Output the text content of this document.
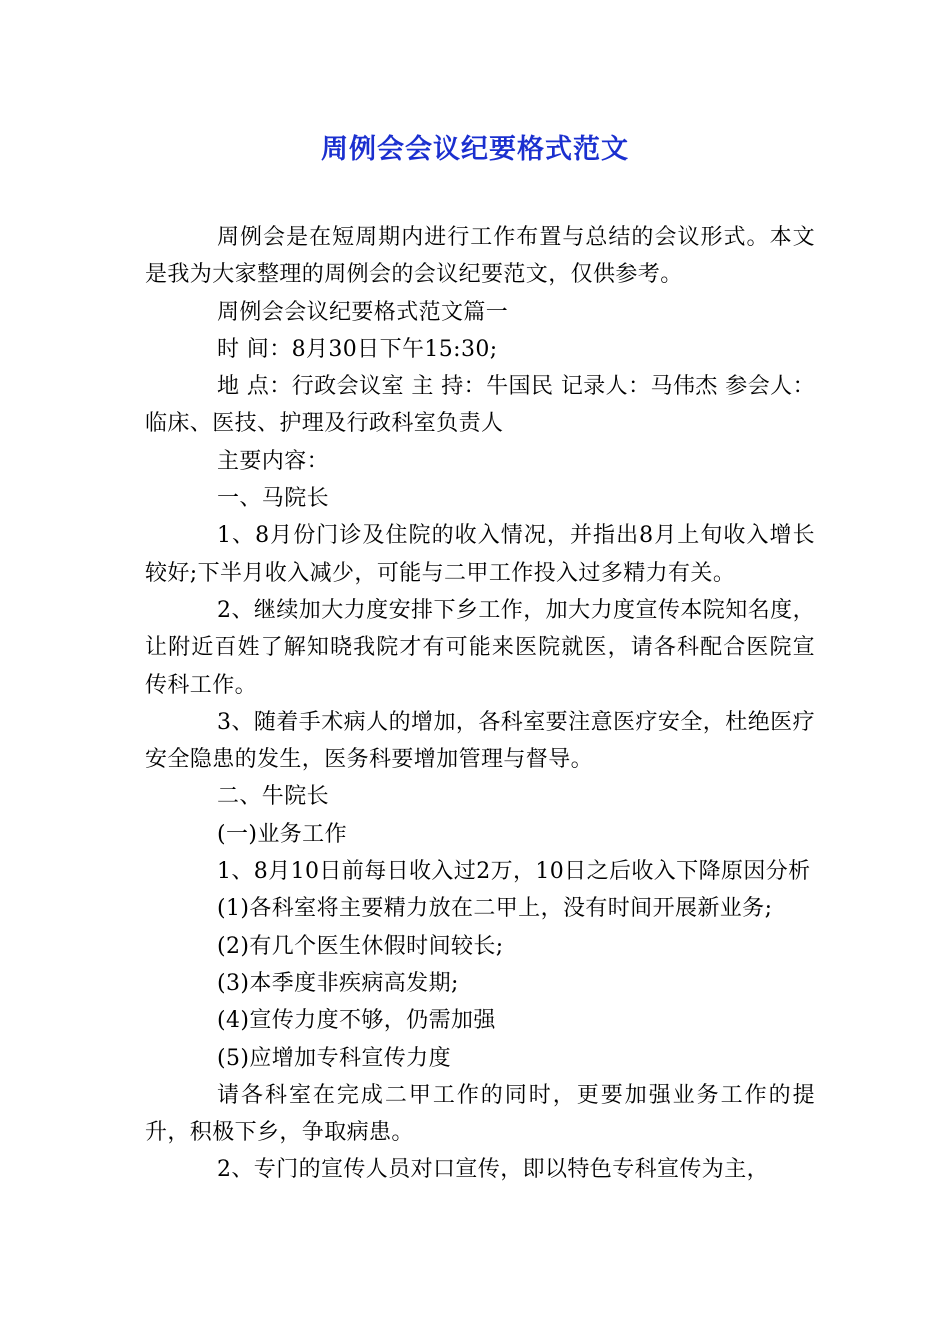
周例会会议纪要格式范文

周例会是在短周期内进行工作布置与总结的会议形式。本文是我为大家整理的周例会的会议纪要范文，仅供参考。

周例会会议纪要格式范文篇一

时 间：8月30日下午15:30;

地 点：行政会议室 主 持：牛国民 记录人：马伟杰 参会人：临床、医技、护理及行政科室负责人

主要内容：

一、马院长

1、8月份门诊及住院的收入情况，并指出8月上旬收入增长较好;下半月收入减少，可能与二甲工作投入过多精力有关。

2、继续加大力度安排下乡工作，加大力度宣传本院知名度，让附近百姓了解知晓我院才有可能来医院就医，请各科配合医院宣传科工作。

3、随着手术病人的增加，各科室要注意医疗安全，杜绝医疗安全隐患的发生，医务科要增加管理与督导。

二、牛院长

(一)业务工作

1、8月10日前每日收入过2万，10日之后收入下降原因分析

(1)各科室将主要精力放在二甲上，没有时间开展新业务;

(2)有几个医生休假时间较长;

(3)本季度非疾病高发期;

(4)宣传力度不够，仍需加强

(5)应增加专科宣传力度

请各科室在完成二甲工作的同时，更要加强业务工作的提升，积极下乡，争取病患。

2、专门的宣传人员对口宣传，即以特色专科宣传为主，
